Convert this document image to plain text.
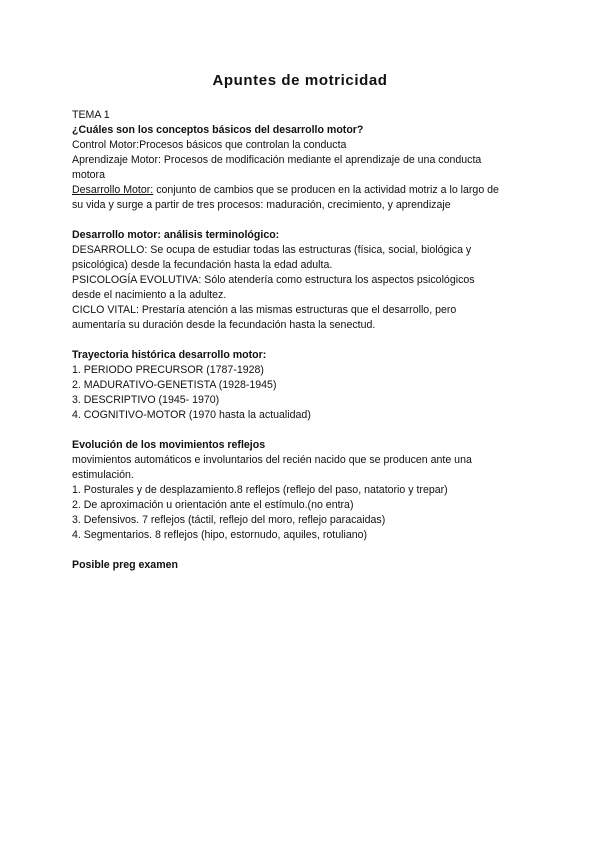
Apuntes de motricidad

TEMA 1

¿Cuáles son los conceptos básicos del desarrollo motor?

Control Motor:Procesos básicos que controlan la conducta

Aprendizaje Motor: Procesos de modificación mediante el aprendizaje de una conducta

motora

Desarrollo Motor: conjunto de cambios que se producen en la actividad motriz a lo largo de

su vida y surge a partir de tres procesos: maduración, crecimiento, y aprendizaje

Desarrollo motor: análisis terminológico:

DESARROLLO: Se ocupa de estudiar todas las estructuras (física, social, biológica y

psicológica) desde la fecundación hasta la edad adulta.

PSICOLOGÍA EVOLUTIVA: Sólo atendería como estructura los aspectos psicológicos

desde el nacimiento a la adultez.

CICLO VITAL: Prestaría atención a las mismas estructuras que el desarrollo, pero

aumentaría su duración desde la fecundación hasta la senectud.

Trayectoria histórica desarrollo motor:

1. PERIODO PRECURSOR (1787-1928)

2. MADURATIVO-GENETISTA (1928-1945)

3. DESCRIPTIVO (1945- 1970)

4. COGNITIVO-MOTOR (1970 hasta la actualidad)

Evolución de los movimientos reflejos

movimientos automáticos e involuntarios del recién nacido que se producen ante una

estimulación.

1. Posturales y de desplazamiento.8 reflejos (reflejo del paso, natatorio y trepar)

2. De aproximación u orientación ante el estímulo.(no entra)

3. Defensivos. 7 reflejos (táctil, reflejo del moro, reflejo paracaidas)

4. Segmentarios. 8 reflejos (hipo, estornudo, aquiles, rotuliano)

Posible preg examen
